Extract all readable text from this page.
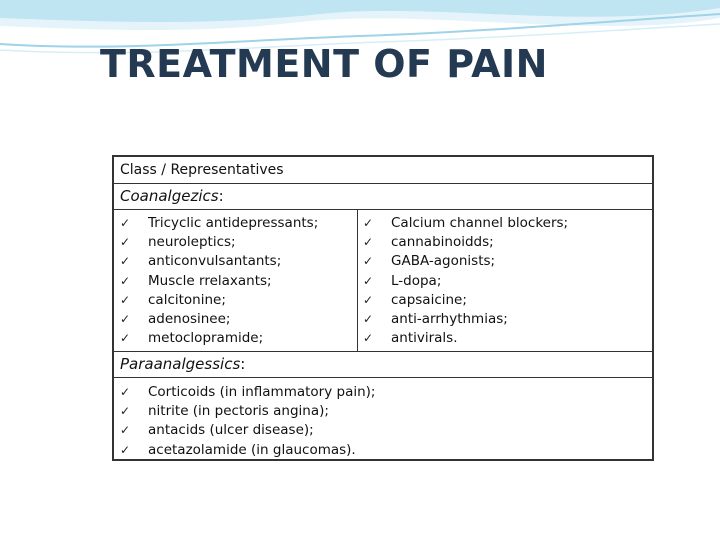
TREATMENT OF PAIN
Class / Representatives
Coanalgezics:
✓ Tricyclic antidepressants;
✓ neuroleptics;
✓ anticonvulsantants;
✓ Muscle rrelaxants;
✓ calcitonine;
✓ adenosinee;
✓ metoclopramide;
✓ Calcium channel blockers;
✓ cannabinoidds;
✓ GABA-agonists;
✓ L-dopa;
✓ capsaicine;
✓ anti-arrhythmias;
✓ antivirals.
Paraanalgessics:
✓ Corticoids (in inflammatory pain);
✓ nitrite (in pectoris angina);
✓ antacids (ulcer disease);
✓ acetazolamide (in glaucomas).
